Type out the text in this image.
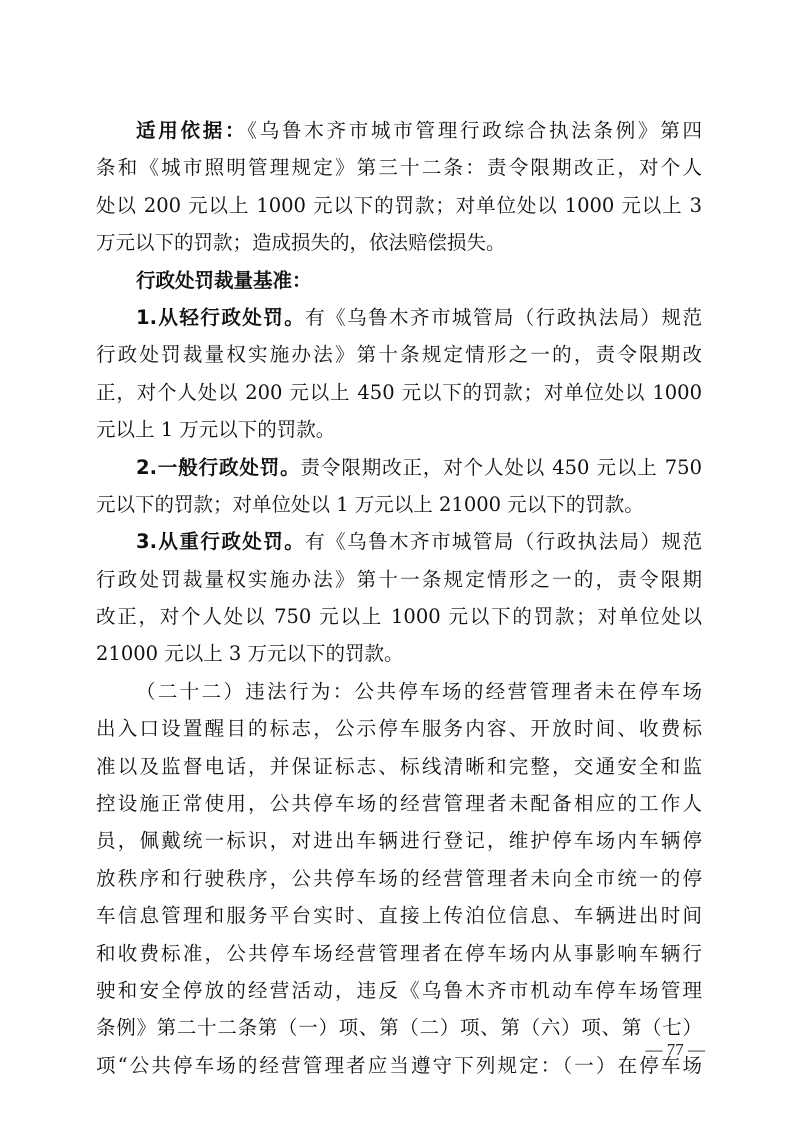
适用依据：《乌鲁木齐市城市管理行政综合执法条例》第四
条和《城市照明管理规定》第三十二条：责令限期改正，对个人
处以 200 元以上 1000 元以下的罚款；对单位处以 1000 元以上 3
万元以下的罚款；造成损失的，依法赔偿损失。
行政处罚裁量基准：
1.从轻行政处罚。有《乌鲁木齐市城管局（行政执法局）规范
行政处罚裁量权实施办法》第十条规定情形之一的，责令限期改
正，对个人处以 200 元以上 450 元以下的罚款；对单位处以 1000
元以上 1 万元以下的罚款。
2.一般行政处罚。责令限期改正，对个人处以 450 元以上 750
元以下的罚款；对单位处以 1 万元以上 21000 元以下的罚款。
3.从重行政处罚。有《乌鲁木齐市城管局（行政执法局）规范
行政处罚裁量权实施办法》第十一条规定情形之一的，责令限期
改正，对个人处以 750 元以上 1000 元以下的罚款；对单位处以
21000 元以上 3 万元以下的罚款。
（二十二）违法行为：公共停车场的经营管理者未在停车场
出入口设置醒目的标志，公示停车服务内容、开放时间、收费标
准以及监督电话，并保证标志、标线清晰和完整，交通安全和监
控设施正常使用，公共停车场的经营管理者未配备相应的工作人
员，佩戴统一标识，对进出车辆进行登记，维护停车场内车辆停
放秩序和行驶秩序，公共停车场的经营管理者未向全市统一的停
车信息管理和服务平台实时、直接上传泊位信息、车辆进出时间
和收费标准，公共停车场经营管理者在停车场内从事影响车辆行
驶和安全停放的经营活动，违反《乌鲁木齐市机动车停车场管理
条例》第二十二条第（一）项、第（二）项、第（六）项、第（七）
项“公共停车场的经营管理者应当遵守下列规定：（一）在停车场
— 77 —
